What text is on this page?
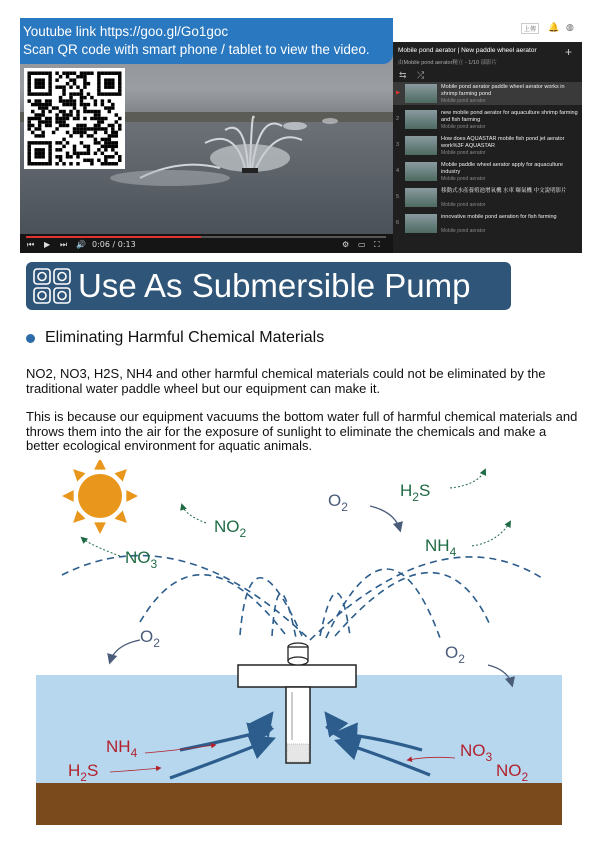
Youtube link https://goo.gl/Go1goc
Scan QR code with smart phone / tablet to view the video.
⏮ ▶ ⏭ 🔊 0:06 / 0:13	⚙ ▭ ⛶
上傳	🔔 ◍
Mobile pond aerator | New paddle wheel aerator
由Mobile pond aerator精立 - 1/10 部影片
+
⇆ ⤮
▶
Mobile pond aerator paddle wheel aerator works in shrimp farming pond
Mobile pond aerator
2
new mobile pond aerator for aquaculture shrimp farming and fish farming
Mobile pond aerator
3
How does AQUASTAR mobile fish pond jet aerator work%3F AQUASTAR
Mobile pond aerator
4
Mobile paddle wheel aerator apply for aquaculture industry
Mobile pond aerator
5
移動式水產養殖池增氧機 水車 曝氣機 中文說明影片
Mobile pond aerator
6
innovative mobile pond aeration for fish farming
Mobile pond aerator
Use As Submersible Pump
Eliminating Harmful Chemical Materials
NO2, NO3, H2S, NH4 and other harmful chemical materials could not be eliminated by the traditional water paddle wheel but our equipment can make it.
This is because our equipment vacuums the bottom water full of harmful chemical materials and throws them into the air for the exposure of sunlight to eliminate the chemicals and make a better ecological environment for aquatic animals.
$NO_3$
$NO_2$
$H_2S$
$NH_4$
$O_2$
$O_2$	$O_2$
$NH_4$
$H_2S$
$NO_3$
$NO_2$
